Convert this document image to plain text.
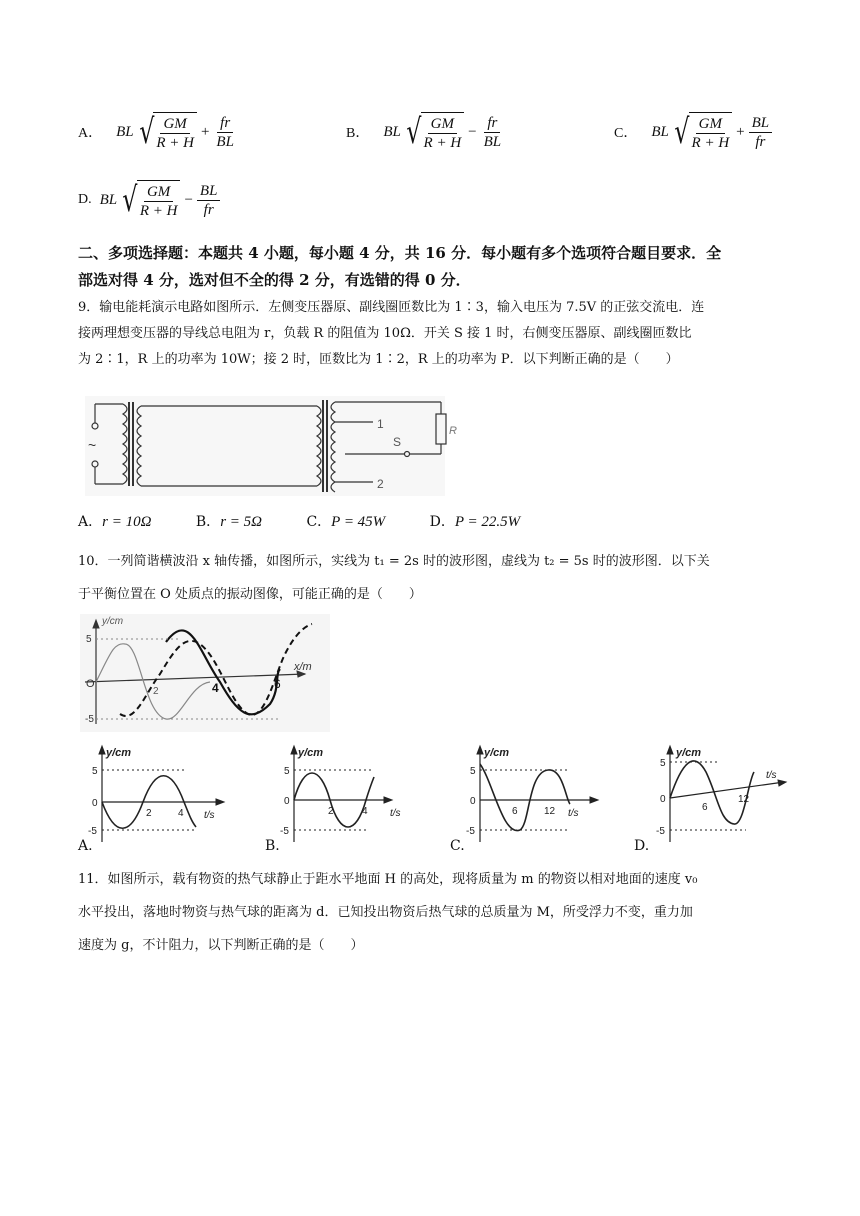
A． BL √ $\frac{GM}{R + H} + \frac{fr}{BL}$	B． BL √ $\frac{GM}{R + H} - \frac{fr}{BL}$	C． BL √ $\frac{GM}{R + H} + \frac{BL}{fr}$
D. BL √ $\frac{GM}{R + H} - \frac{BL}{fr}$
二、多项选择题：本题共 4 小题，每小题 4 分，共 16 分．每小题有多个选项符合题目要求．全
部选对得 4 分，选对但不全的得 2 分，有选错的得 0 分．
9．输电能耗演示电路如图所示．左侧变压器原、副线圈匝数比为 1∶3，输入电压为 7.5V 的正弦交流电．连
接两理想变压器的导线总电阻为 r，负载 R 的阻值为 10Ω．开关 S 接 1 时，右侧变压器原、副线圈匝数比
为 2∶1，R 上的功率为 10W；接 2 时，匝数比为 1∶2，R 上的功率为 P．以下判断正确的是（　　）
~
1
2
S
R
A．r = 10Ω	B．r = 5Ω	C．P = 45W	D．P = 22.5W
10．一列简谐横波沿 x 轴传播，如图所示，实线为 t₁ = 2s 时的波形图，虚线为 t₂ = 5s 时的波形图．以下关
于平衡位置在 O 处质点的振动图像，可能正确的是（　　）
y/cm
x/m
5
-5
O
2	4	6
y/cm
t/s
5
-5
0
2	4
A.
y/cm
t/s
5
-5
0
2	4
B.
y/cm
t/s
5
-5
0
6	12
C.
y/cm
t/s
5
-5
0
6
12
D.
11．如图所示，载有物资的热气球静止于距水平地面 H 的高处，现将质量为 m 的物资以相对地面的速度 v₀
水平投出，落地时物资与热气球的距离为 d．已知投出物资后热气球的总质量为 M，所受浮力不变，重力加
速度为 g，不计阻力，以下判断正确的是（　　）
